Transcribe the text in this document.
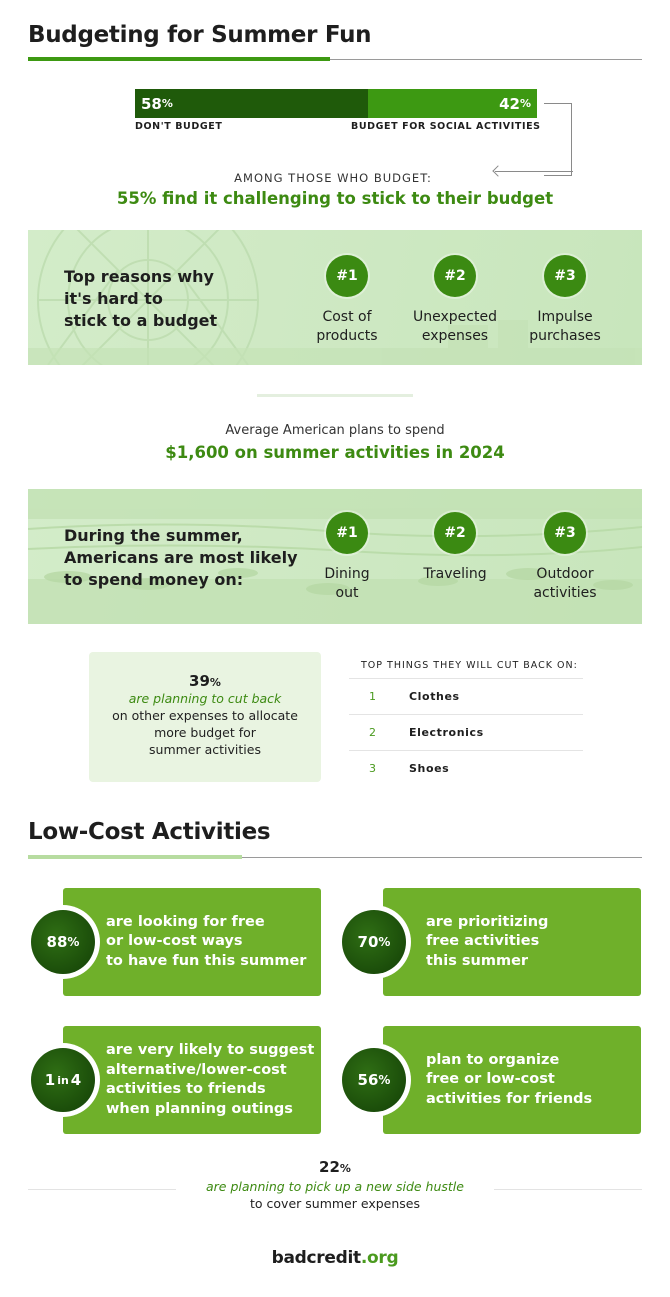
Budgeting for Summer Fun
58 %	42 %
DON'T BUDGET	BUDGET FOR SOCIAL ACTIVITIES
AMONG THOSE WHO BUDGET:
55% find it challenging to stick to their budget
Top reasons why
it's hard to
stick to a budget
#1
Cost of
products
#2
Unexpected
expenses
#3
Impulse
purchases
Average American plans to spend
$1,600 on summer activities in 2024
During the summer,
Americans are most likely
to spend money on:
#1
Dining
out
#2
Traveling
#3
Outdoor
activities
39%
are planning to cut back
on other expenses to allocate
more budget for
summer activities
TOP THINGS THEY WILL CUT BACK ON:
1	Clothes
2	Electronics
3	Shoes
Low-Cost Activities
are looking for free
or low-cost ways
to have fun this summer
88 %
are prioritizing
free activities
this summer
70 %
are very likely to suggest
alternative/lower-cost
activities to friends
when planning outings
1 in 4
plan to organize
free or low-cost
activities for friends
56 %
22%
are planning to pick up a new side hustle
to cover summer expenses
badcredit.org
